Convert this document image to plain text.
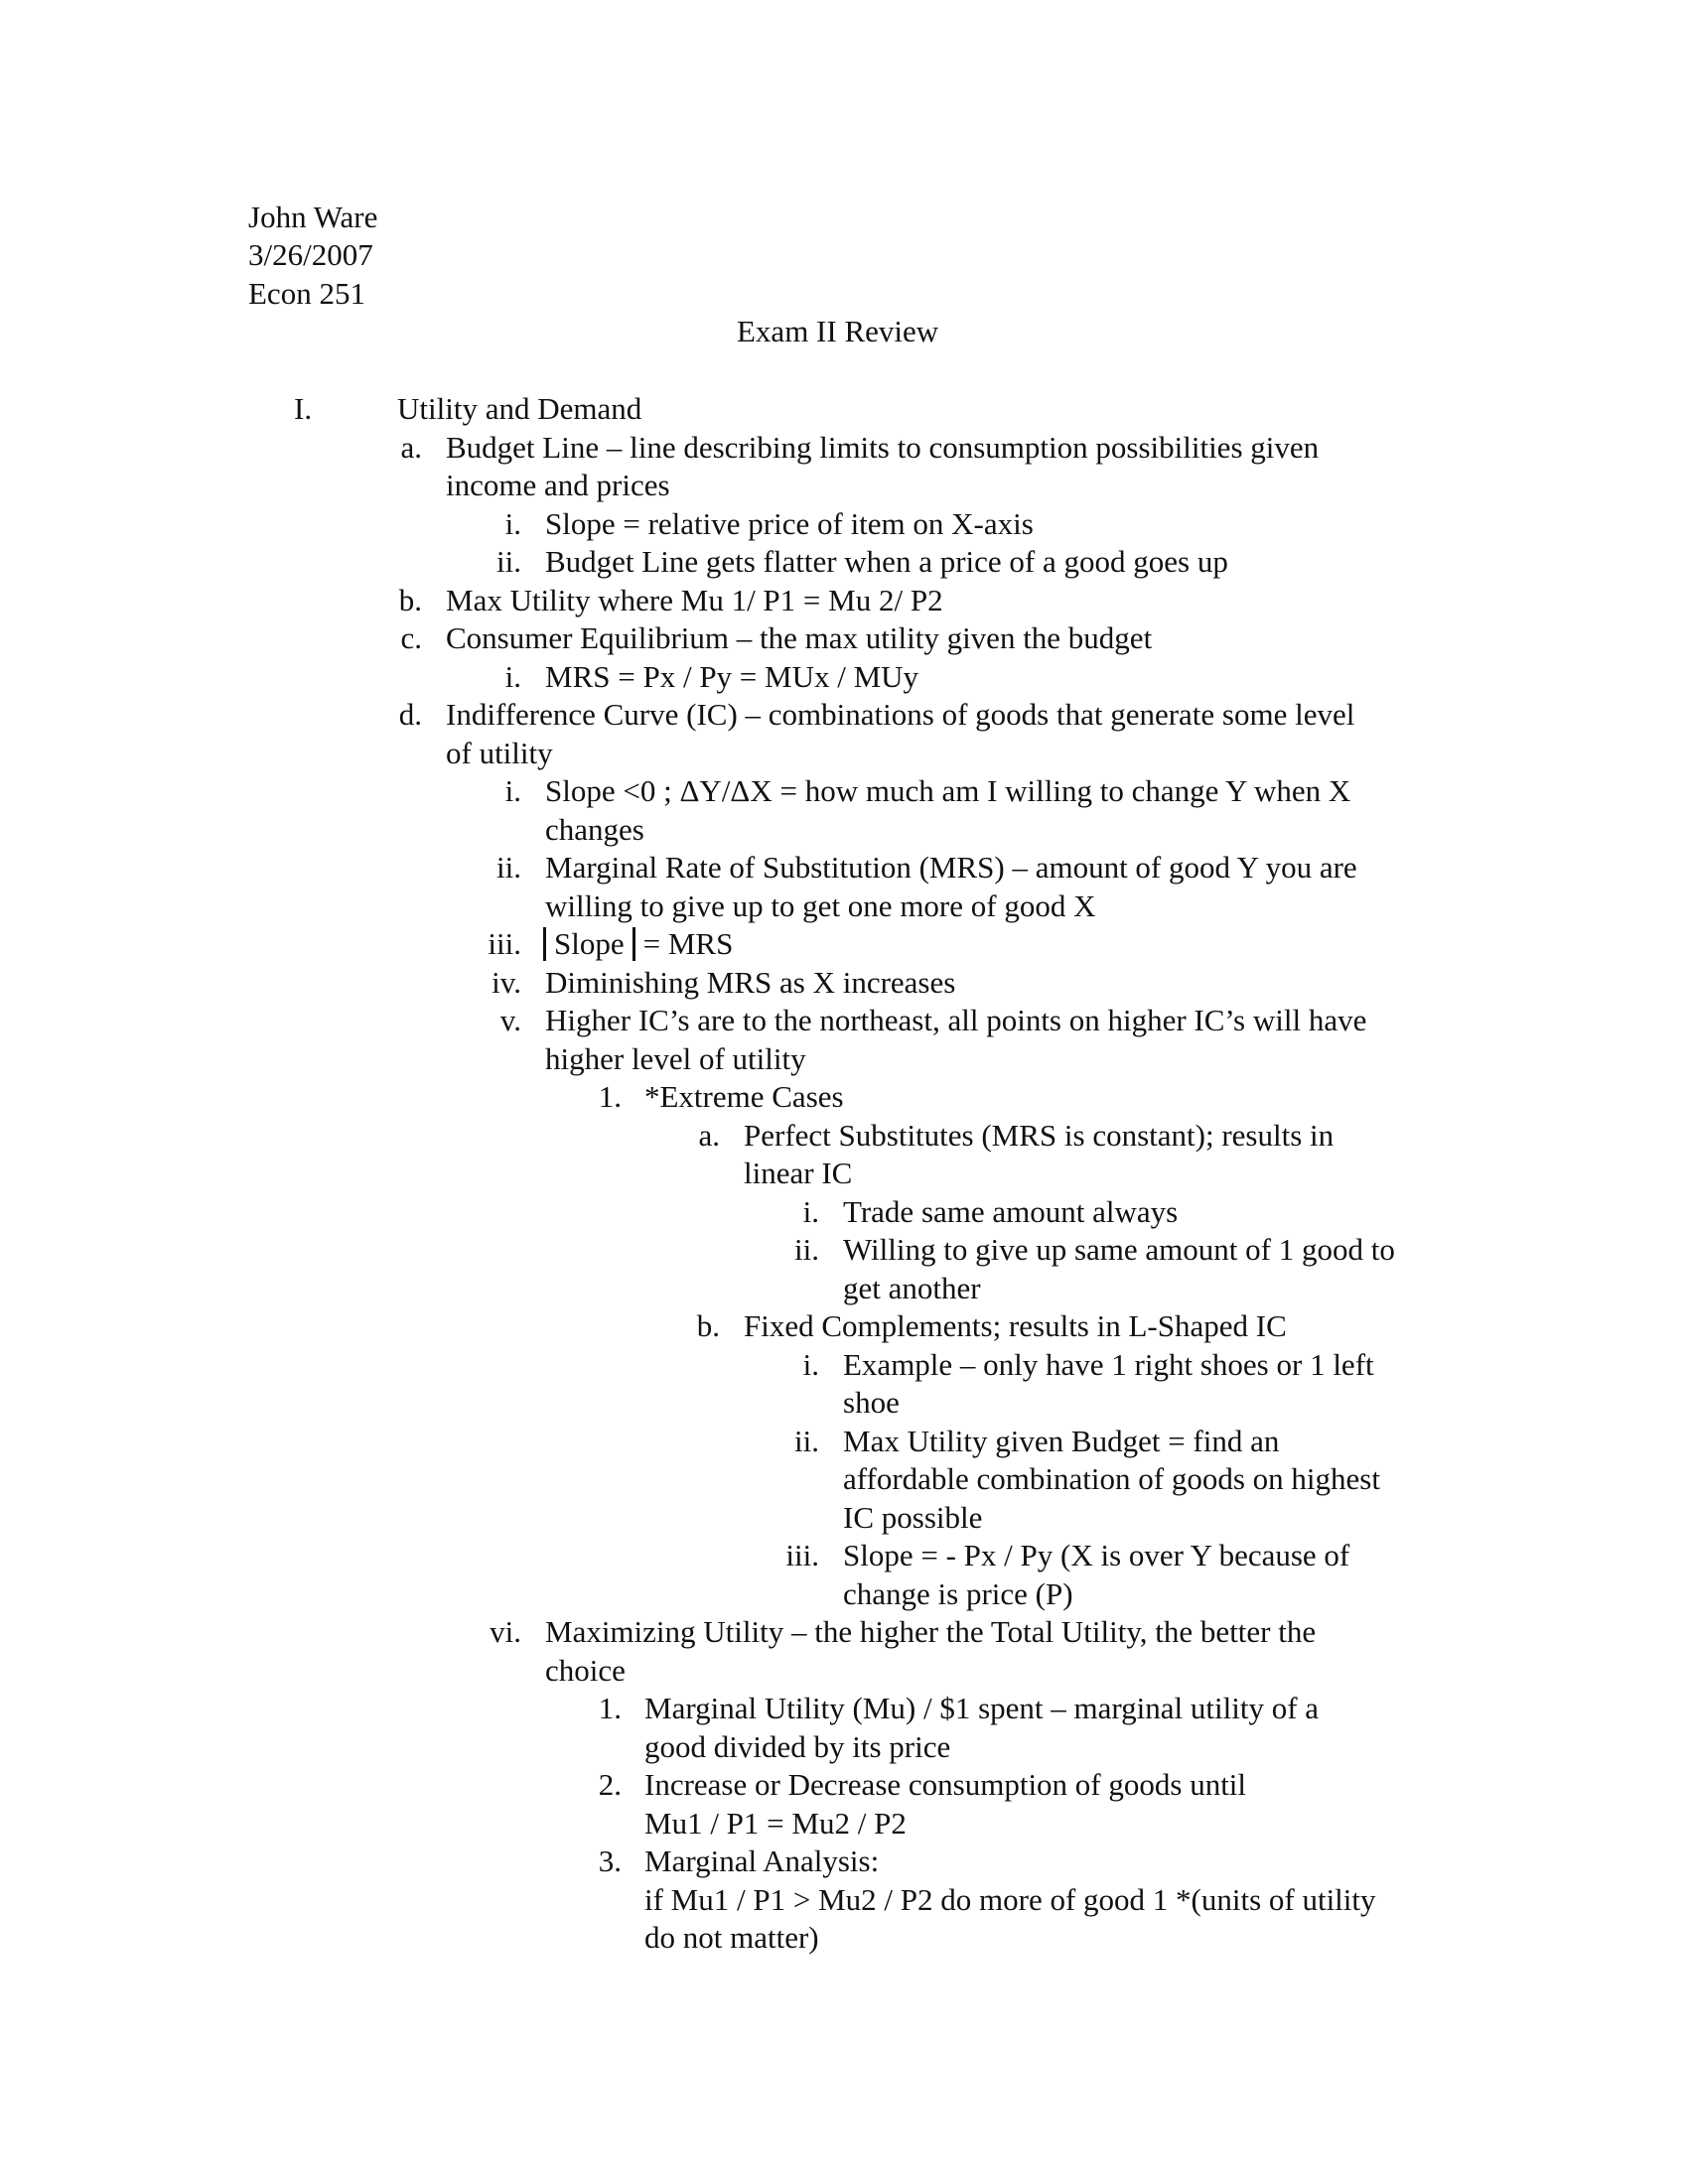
John Ware
3/26/2007
Econ 251
Exam II Review
I.	Utility and Demand
a. Budget Line – line describing limits to consumption possibilities given
income and prices
i. Slope = relative price of item on X-axis
ii. Budget Line gets flatter when a price of a good goes up
b. Max Utility where Mu 1/ P1 = Mu 2/ P2
c. Consumer Equilibrium – the max utility given the budget
i. MRS = Px / Py = MUx / MUy
d. Indifference Curve (IC) – combinations of goods that generate some level
of utility
i. Slope <0 ; ΔY/ΔX = how much am I willing to change Y when X
changes
ii. Marginal Rate of Substitution (MRS) – amount of good Y you are
willing to give up to get one more of good X
iii.	Slope = MRS
iv. Diminishing MRS as X increases
v. Higher IC’s are to the northeast, all points on higher IC’s will have
higher level of utility
1. *Extreme Cases
a. Perfect Substitutes (MRS is constant); results in
linear IC
i. Trade same amount always
ii. Willing to give up same amount of 1 good to
get another
b. Fixed Complements; results in L-Shaped IC
i. Example – only have 1 right shoes or 1 left
shoe
ii. Max Utility given Budget = find an
affordable combination of goods on highest
IC possible
iii. Slope = - Px / Py (X is over Y because of
change is price (P)
vi. Maximizing Utility – the higher the Total Utility, the better the
choice
1. Marginal Utility (Mu) / $1 spent – marginal utility of a
good divided by its price
2. Increase or Decrease consumption of goods until
Mu1 / P1 = Mu2 / P2
3. Marginal Analysis:
if Mu1 / P1 > Mu2 / P2 do more of good 1 *(units of utility
do not matter)
